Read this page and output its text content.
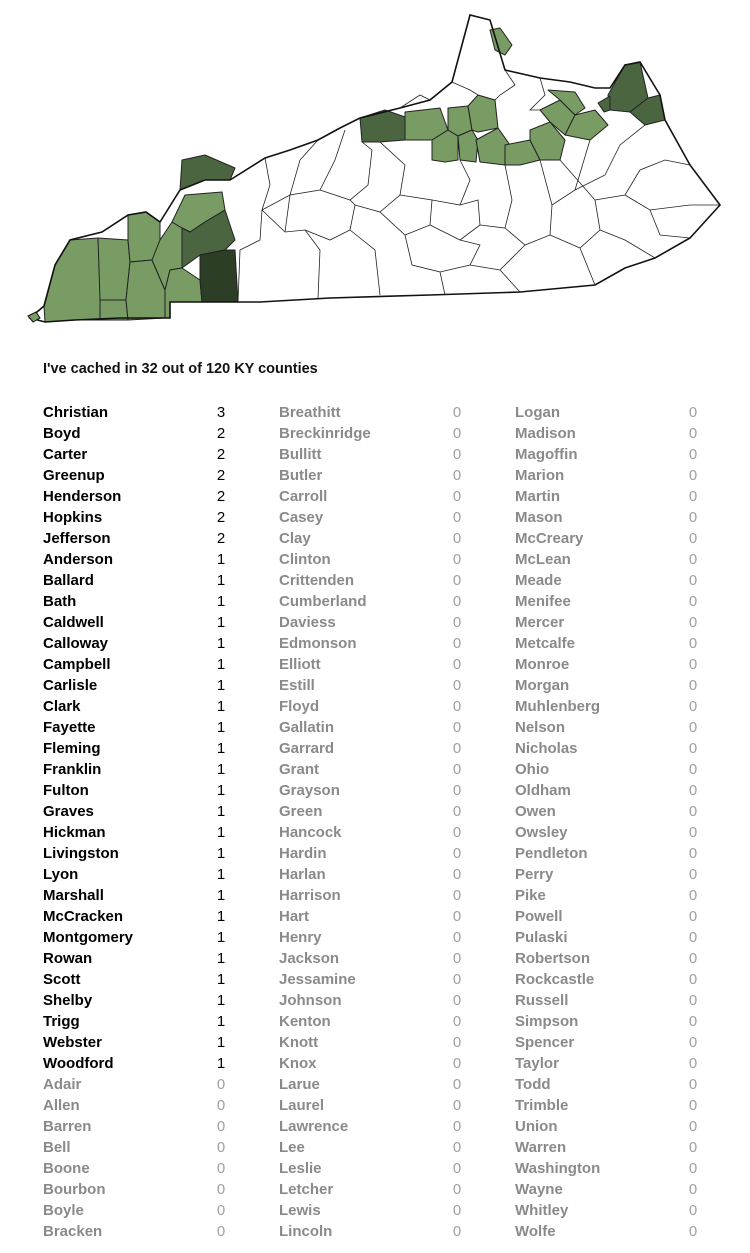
I've cached in 32 out of 120 KY counties
Christian	3
Boyd	2
Carter	2
Greenup	2
Henderson	2
Hopkins	2
Jefferson	2
Anderson	1
Ballard	1
Bath	1
Caldwell	1
Calloway	1
Campbell	1
Carlisle	1
Clark	1
Fayette	1
Fleming	1
Franklin	1
Fulton	1
Graves	1
Hickman	1
Livingston	1
Lyon	1
Marshall	1
McCracken	1
Montgomery	1
Rowan	1
Scott	1
Shelby	1
Trigg	1
Webster	1
Woodford	1
Adair	0
Allen	0
Barren	0
Bell	0
Boone	0
Bourbon	0
Boyle	0
Bracken	0
Breathitt	0
Breckinridge	0
Bullitt	0
Butler	0
Carroll	0
Casey	0
Clay	0
Clinton	0
Crittenden	0
Cumberland	0
Daviess	0
Edmonson	0
Elliott	0
Estill	0
Floyd	0
Gallatin	0
Garrard	0
Grant	0
Grayson	0
Green	0
Hancock	0
Hardin	0
Harlan	0
Harrison	0
Hart	0
Henry	0
Jackson	0
Jessamine	0
Johnson	0
Kenton	0
Knott	0
Knox	0
Larue	0
Laurel	0
Lawrence	0
Lee	0
Leslie	0
Letcher	0
Lewis	0
Lincoln	0
Logan	0
Madison	0
Magoffin	0
Marion	0
Martin	0
Mason	0
McCreary	0
McLean	0
Meade	0
Menifee	0
Mercer	0
Metcalfe	0
Monroe	0
Morgan	0
Muhlenberg	0
Nelson	0
Nicholas	0
Ohio	0
Oldham	0
Owen	0
Owsley	0
Pendleton	0
Perry	0
Pike	0
Powell	0
Pulaski	0
Robertson	0
Rockcastle	0
Russell	0
Simpson	0
Spencer	0
Taylor	0
Todd	0
Trimble	0
Union	0
Warren	0
Washington	0
Wayne	0
Whitley	0
Wolfe	0
